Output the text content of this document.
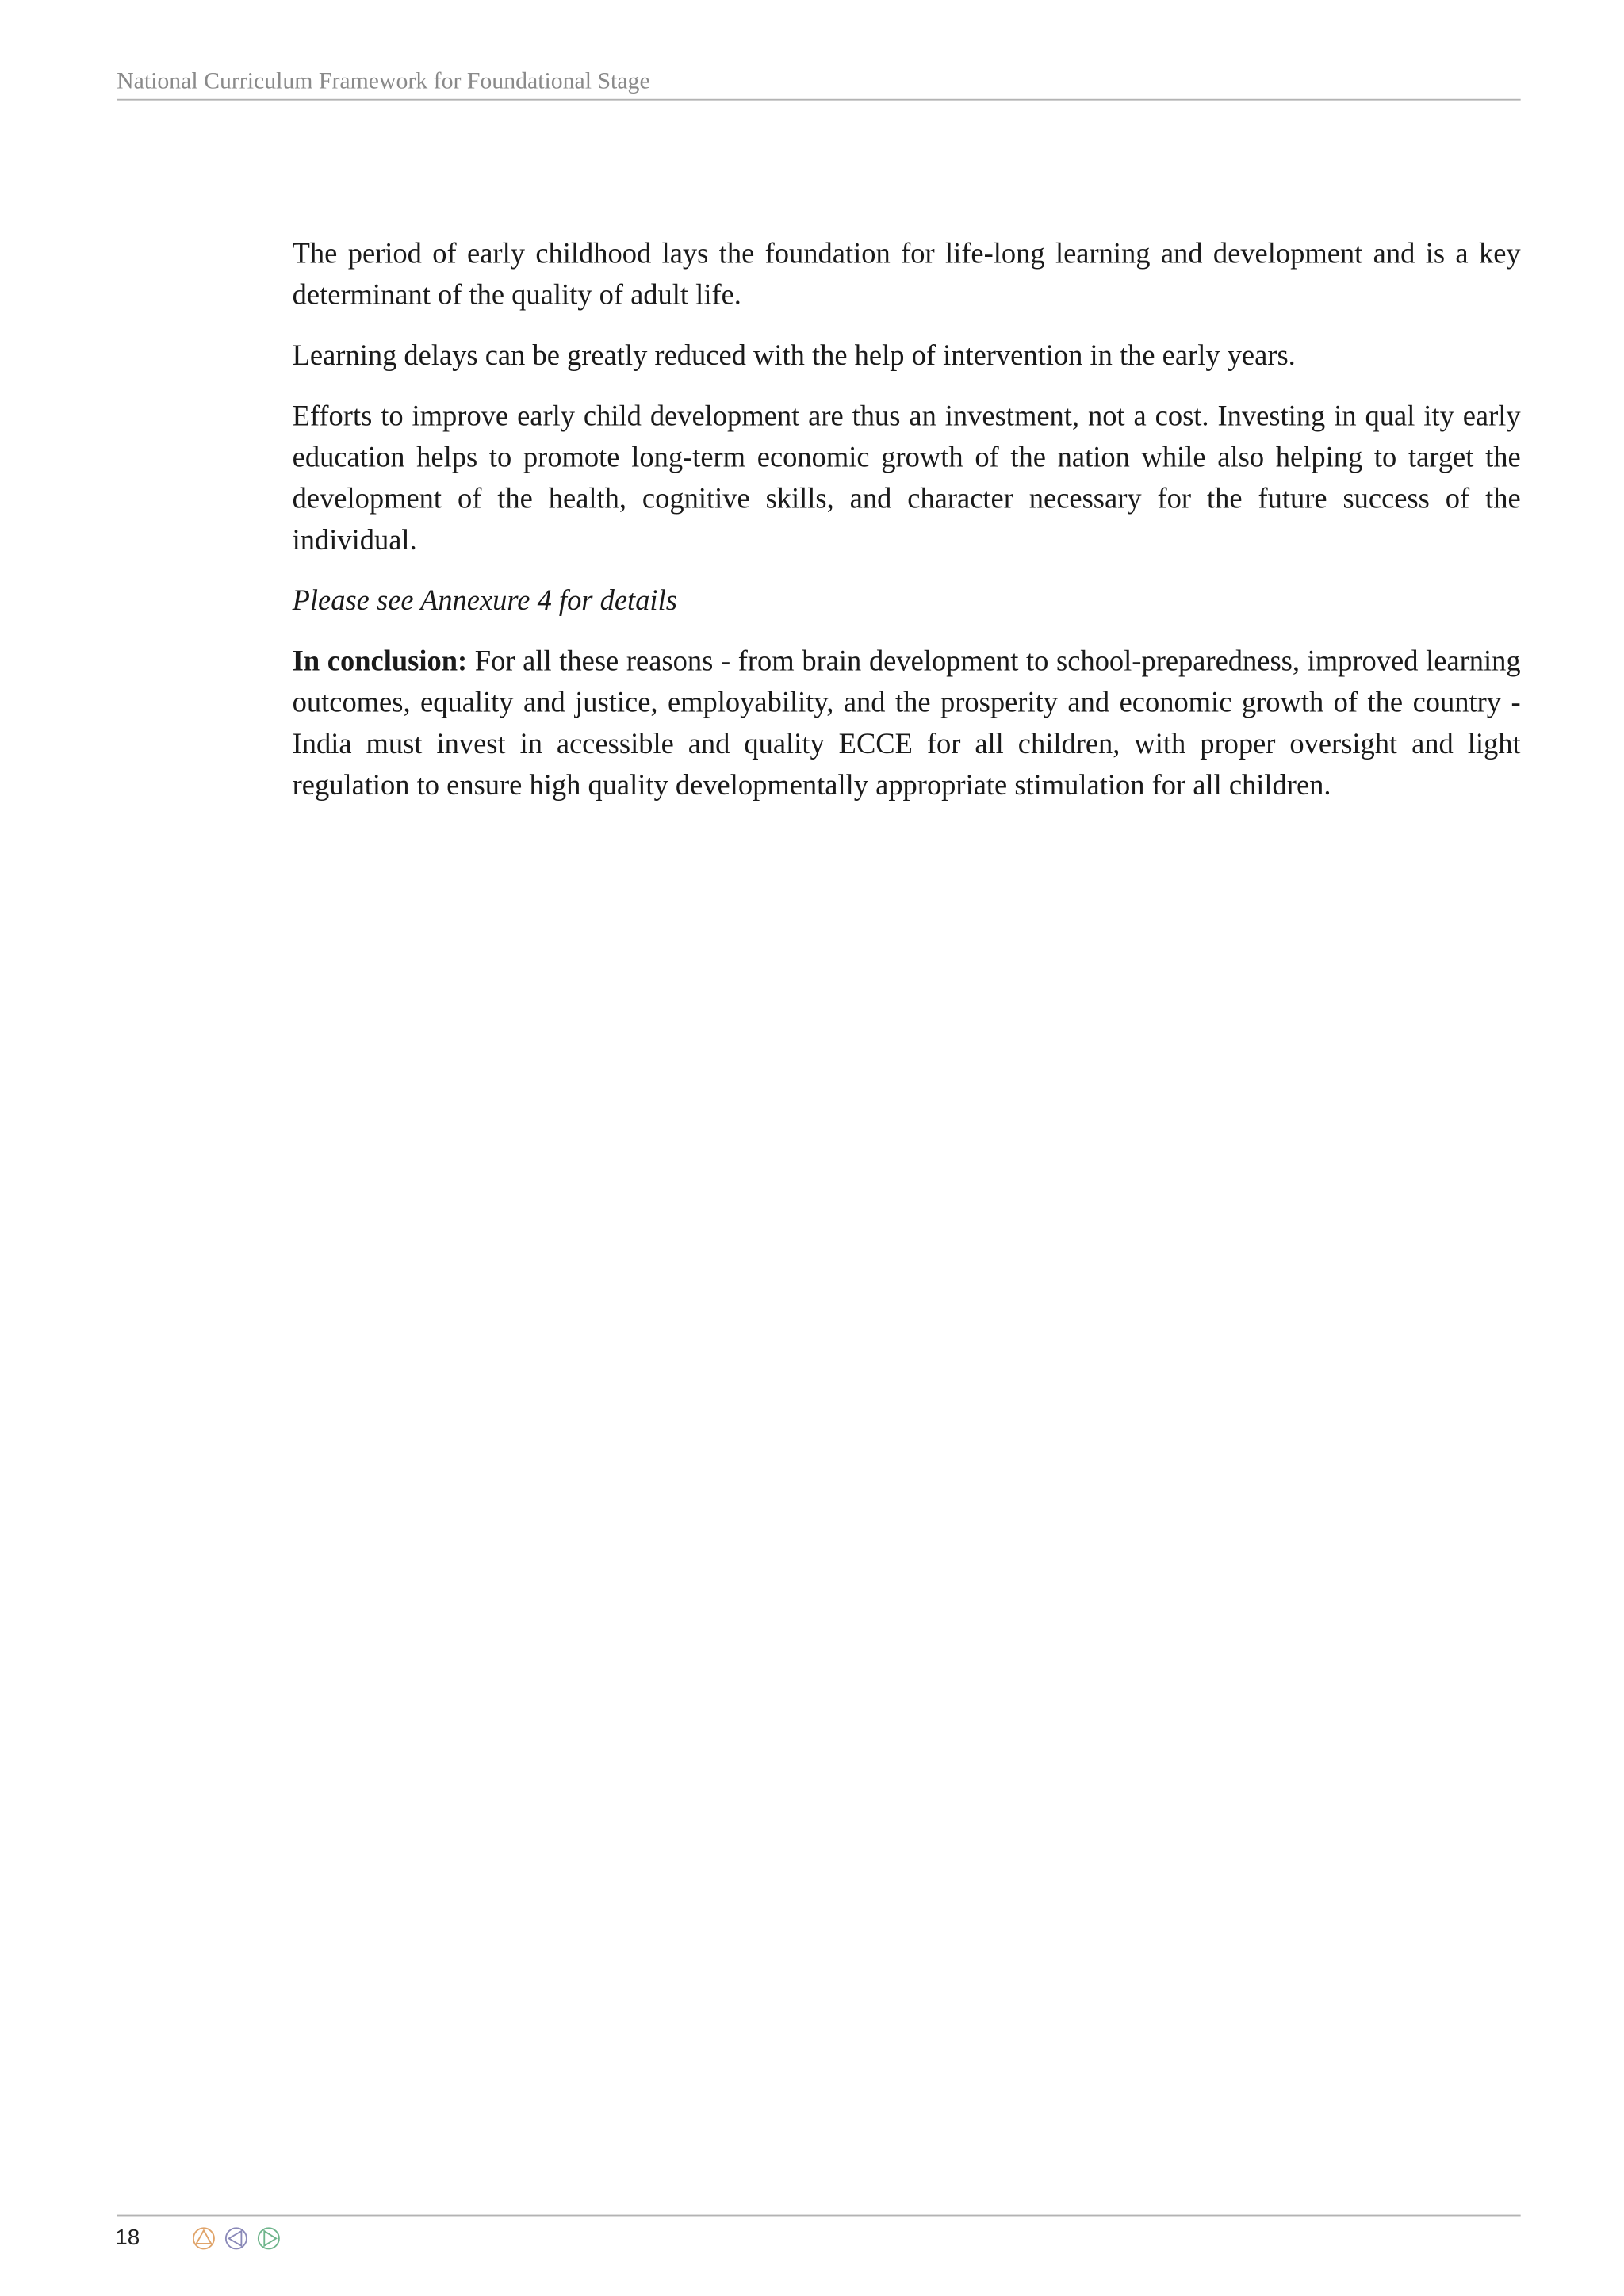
National Curriculum Framework for Foundational Stage

The period of early childhood lays the foundation for life-long learning and development and is a key determinant of the quality of adult life.

Learning delays can be greatly reduced with the help of intervention in the early years.

Efforts to improve early child development are thus an investment, not a cost. Investing in qual ity early education helps to promote long-term economic growth of the nation while also helping to target the development of the health, cognitive skills, and character necessary for the future success of the individual.

Please see Annexure 4 for details

In conclusion: For all these reasons - from brain development to school-preparedness, improved learning outcomes, equality and justice, employability, and the prosperity and economic growth of the country - India must invest in accessible and quality ECCE for all children, with proper oversight and light regulation to ensure high quality developmentally appropriate stimulation for all children.

18
